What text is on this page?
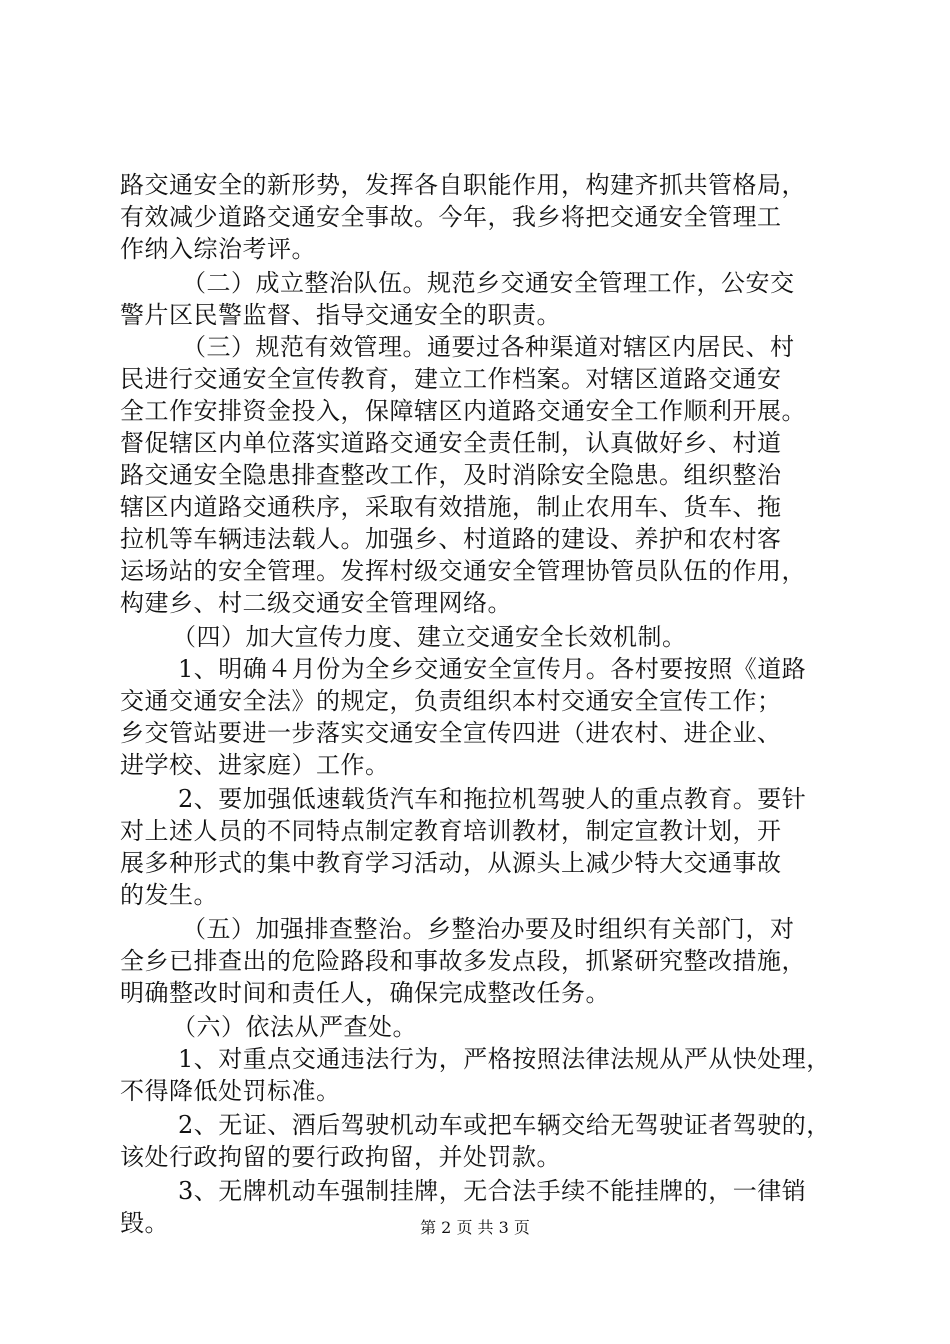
路交通安全的新形势，发挥各自职能作用，构建齐抓共管格局，
有效减少道路交通安全事故。今年，我乡将把交通安全管理工
作纳入综治考评。
（二）成立整治队伍。规范乡交通安全管理工作，公安交
警片区民警监督、指导交通安全的职责。
（三）规范有效管理。通要过各种渠道对辖区内居民、村
民进行交通安全宣传教育，建立工作档案。对辖区道路交通安
全工作安排资金投入，保障辖区内道路交通安全工作顺利开展。
督促辖区内单位落实道路交通安全责任制，认真做好乡、村道
路交通安全隐患排查整改工作，及时消除安全隐患。组织整治
辖区内道路交通秩序，采取有效措施，制止农用车、货车、拖
拉机等车辆违法载人。加强乡、村道路的建设、养护和农村客
运场站的安全管理。发挥村级交通安全管理协管员队伍的作用，
构建乡、村二级交通安全管理网络。
（四）加大宣传力度、建立交通安全长效机制。
1、明确４月份为全乡交通安全宣传月。各村要按照《道路
交通交通安全法》的规定，负责组织本村交通安全宣传工作；
乡交管站要进一步落实交通安全宣传四进（进农村、进企业、
进学校、进家庭）工作。
2、要加强低速载货汽车和拖拉机驾驶人的重点教育。要针
对上述人员的不同特点制定教育培训教材，制定宣教计划，开
展多种形式的集中教育学习活动，从源头上减少特大交通事故
的发生。
（五）加强排查整治。乡整治办要及时组织有关部门，对
全乡已排查出的危险路段和事故多发点段，抓紧研究整改措施，
明确整改时间和责任人，确保完成整改任务。
（六）依法从严查处。
1、对重点交通违法行为，严格按照法律法规从严从快处理，
不得降低处罚标准。
2、无证、酒后驾驶机动车或把车辆交给无驾驶证者驾驶的，
该处行政拘留的要行政拘留，并处罚款。
3、无牌机动车强制挂牌，无合法手续不能挂牌的，一律销
毁。	第 2 页 共 3 页
